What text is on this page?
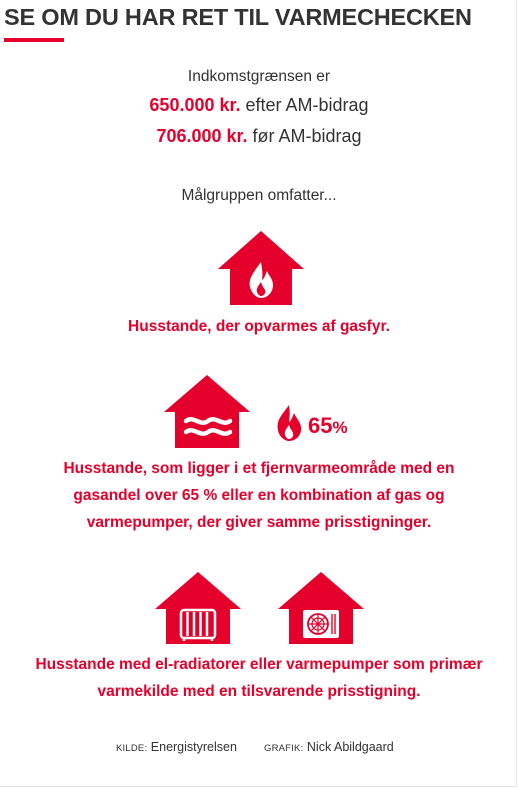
SE OM DU HAR RET TIL VARMECHECKEN
Indkomstgrænsen er
650.000 kr. efter AM-bidrag
706.000 kr. før AM-bidrag
Målgruppen omfatter...
Husstande, der opvarmes af gasfyr.
65%
Husstande, som ligger i et fjernvarmeområde med en gasandel over 65 % eller en kombination af gas og varmepumper, der giver samme prisstigninger.
Husstande med el-radiatorer eller varmepumper som primær varmekilde med en tilsvarende prisstigning.
KILDE: Energistyrelsen	GRAFIK: Nick Abildgaard
